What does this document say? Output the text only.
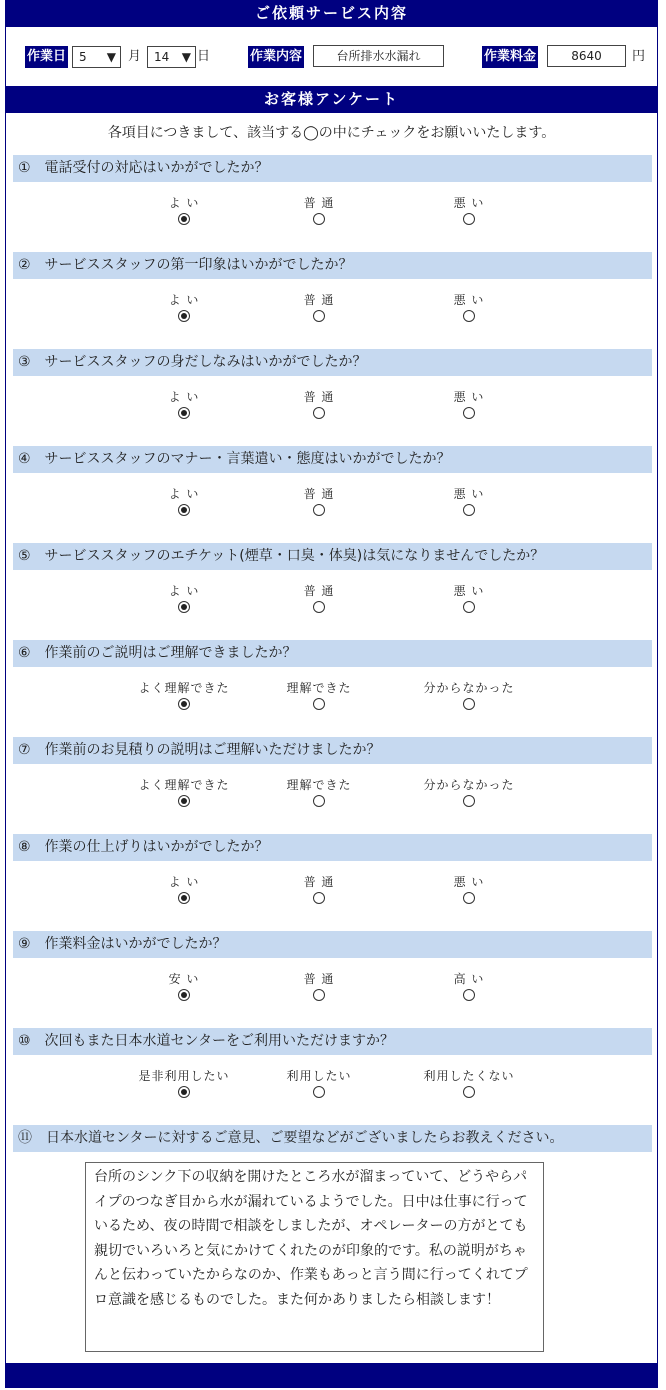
ご依頼サービス内容
作業日	5 ▼ 月	14 ▼ 日	作業内容	台所排水水漏れ	作業料金	8640	円
お客様アンケート
各項目につきまして、該当する◯の中にチェックをお願いいたします。
①　電話受付の対応はいかがでしたか？
よ い	普 通	悪 い
②　サービススタッフの第一印象はいかがでしたか？
よ い	普 通	悪 い
③　サービススタッフの身だしなみはいかがでしたか？
よ い	普 通	悪 い
④　サービススタッフのマナー・言葉遣い・態度はいかがでしたか？
よ い	普 通	悪 い
⑤　サービススタッフのエチケット(煙草・口臭・体臭)は気になりませんでしたか？
よ い	普 通	悪 い
⑥　作業前のご説明はご理解できましたか？
よく理解できた	理解できた	分からなかった
⑦　作業前のお見積りの説明はご理解いただけましたか？
よく理解できた	理解できた	分からなかった
⑧　作業の仕上げりはいかがでしたか？
よ い	普 通	悪 い
⑨　作業料金はいかがでしたか？
安 い	普 通	高 い
⑩　次回もまた日本水道センターをご利用いただけますか？
是非利用したい	利用したい	利用したくない
⑪　日本水道センターに対するご意見、ご要望などがございましたらお教えください。
台所のシンク下の収納を開けたところ水が溜まっていて、どうやらパイプのつなぎ目から水が漏れているようでした。日中は仕事に行っているため、夜の時間で相談をしましたが、オペレーターの方がとても親切でいろいろと気にかけてくれたのが印象的です。私の説明がちゃんと伝わっていたからなのか、作業もあっと言う間に行ってくれてプロ意識を感じるものでした。また何かありましたら相談します！
